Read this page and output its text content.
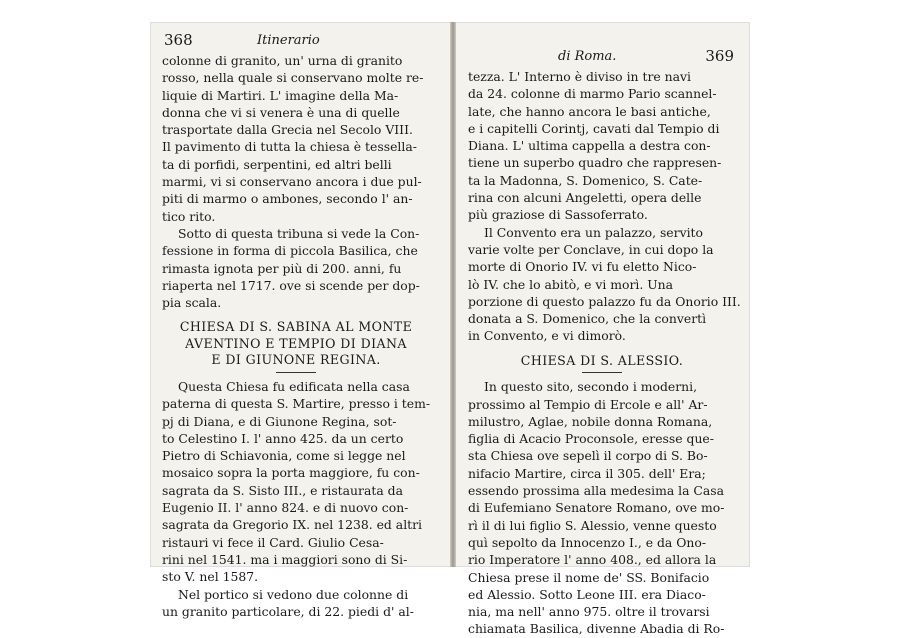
368	Itinerario
colonne di granito, un' urna di granito
rosso, nella quale si conservano molte re-
liquie di Martiri. L' imagine della Ma-
donna che vi si venera è una di quelle
trasportate dalla Grecia nel Secolo VIII.
Il pavimento di tutta la chiesa è tessella-
ta di porfidi, serpentini, ed altri belli
marmi, vi si conservano ancora i due pul-
piti di marmo o ambones, secondo l' an-
tico rito.
Sotto di questa tribuna si vede la Con-
fessione in forma di piccola Basilica, che
rimasta ignota per più di 200. anni, fu
riaperta nel 1717. ove si scende per dop-
pia scala.
CHIESA DI S. SABINA AL MONTE
AVENTINO E TEMPIO DI DIANA
E DI GIUNONE REGINA.
Questa Chiesa fu edificata nella casa
paterna di questa S. Martire, presso i tem-
pj di Diana, e di Giunone Regina, sot-
to Celestino I. l' anno 425. da un certo
Pietro di Schiavonia, come si legge nel
mosaico sopra la porta maggiore, fu con-
sagrata da S. Sisto III., e ristaurata da
Eugenio II. l' anno 824. e di nuovo con-
sagrata da Gregorio IX. nel 1238. ed altri
ristauri vi fece il Card. Giulio Cesa-
rini nel 1541. ma i maggiori sono di Si-
sto V. nel 1587.
Nel portico si vedono due colonne di
un granito particolare, di 22. piedi d' al-
di Roma.	369
tezza. L' Interno è diviso in tre navi
da 24. colonne di marmo Pario scannel-
late, che hanno ancora le basi antiche,
e i capitelli Corintj, cavati dal Tempio di
Diana. L' ultima cappella a destra con-
tiene un superbo quadro che rappresen-
ta la Madonna, S. Domenico, S. Cate-
rina con alcuni Angeletti, opera delle
più graziose di Sassoferrato.
Il Convento era un palazzo, servito
varie volte per Conclave, in cui dopo la
morte di Onorio IV. vi fu eletto Nico-
lò IV. che lo abitò, e vi morì. Una
porzione di questo palazzo fu da Onorio III.
donata a S. Domenico, che la convertì
in Convento, e vi dimorò.
CHIESA DI S. ALESSIO.
In questo sito, secondo i moderni,
prossimo al Tempio di Ercole e all' Ar-
milustro, Aglae, nobile donna Romana,
figlia di Acacio Proconsole, eresse que-
sta Chiesa ove sepelì il corpo di S. Bo-
nifacio Martire, circa il 305. dell' Era;
essendo prossima alla medesima la Casa
di Eufemiano Senatore Romano, ove mo-
rì il di lui figlio S. Alessio, venne questo
quì sepolto da Innocenzo I., e da Ono-
rio Imperatore l' anno 408., ed allora la
Chiesa prese il nome de' SS. Bonifacio
ed Alessio. Sotto Leone III. era Diaco-
nia, ma nell' anno 975. oltre il trovarsi
chiamata Basilica, divenne Abadia di Ro-
